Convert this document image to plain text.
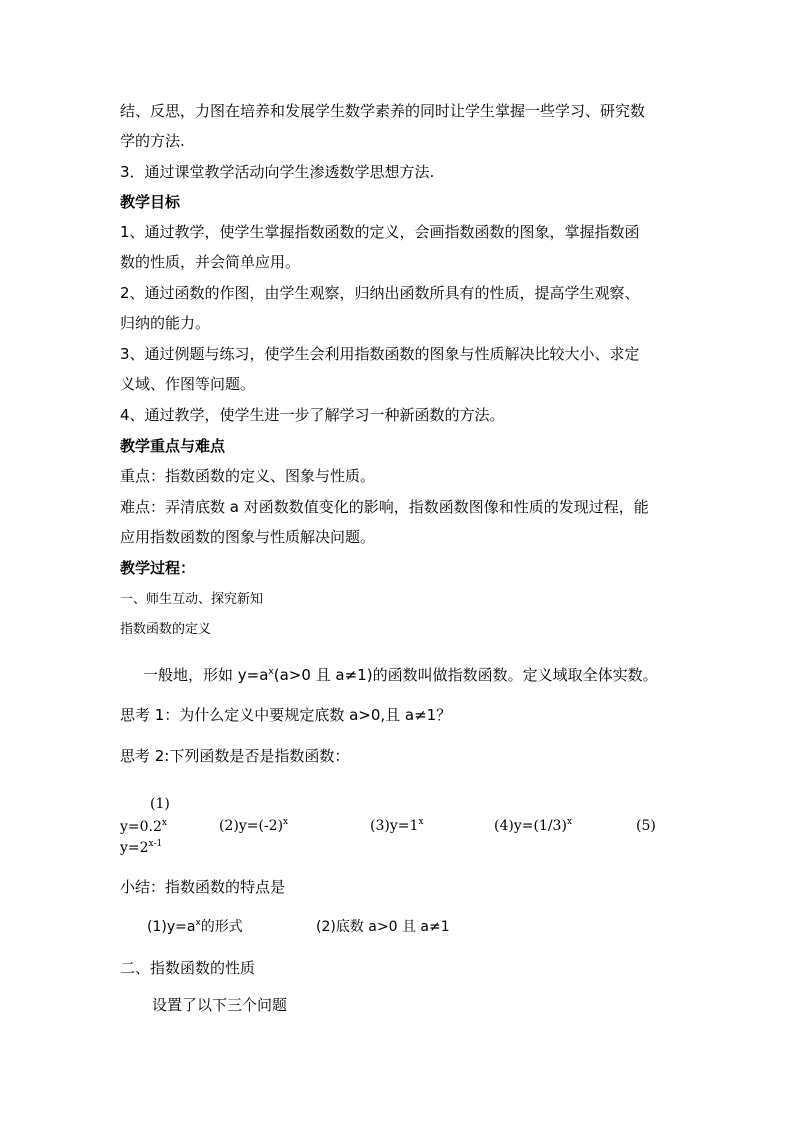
结、反思，力图在培养和发展学生数学素养的同时让学生掌握一些学习、研究数
学的方法.
3．通过课堂教学活动向学生渗透数学思想方法.
教学目标
1、通过教学，使学生掌握指数函数的定义，会画指数函数的图象，掌握指数函
数的性质，并会简单应用。
2、通过函数的作图，由学生观察，归纳出函数所具有的性质，提高学生观察、
归纳的能力。
3、通过例题与练习，使学生会利用指数函数的图象与性质解决比较大小、求定
义域、作图等问题。
4、通过教学，使学生进一步了解学习一种新函数的方法。
教学重点与难点
重点：指数函数的定义、图象与性质。
难点：弄清底数 a 对函数数值变化的影响，指数函数图像和性质的发现过程，能
应用指数函数的图象与性质解决问题。
教学过程：
一、师生互动、探究新知
指数函数的定义
一般地，形如 $y=a^x(a>0$ 且 a≠1)的函数叫做指数函数。定义域取全体实数。
思考 1：为什么定义中要规定底数 a>0,且 a≠1？
思考 2:下列函数是否是指数函数：
(1)
$y=0.2^x$	$(2)y=(-2)^x$	$(3)y=1^x$	$(4)y=(1/3)^x$	(5)
$y=2^{x-1}$
小结：指数函数的特点是
$(1)y=a^x$的形式	(2)底数 a>0 且 a≠1
二、指数函数的性质
设置了以下三个问题
